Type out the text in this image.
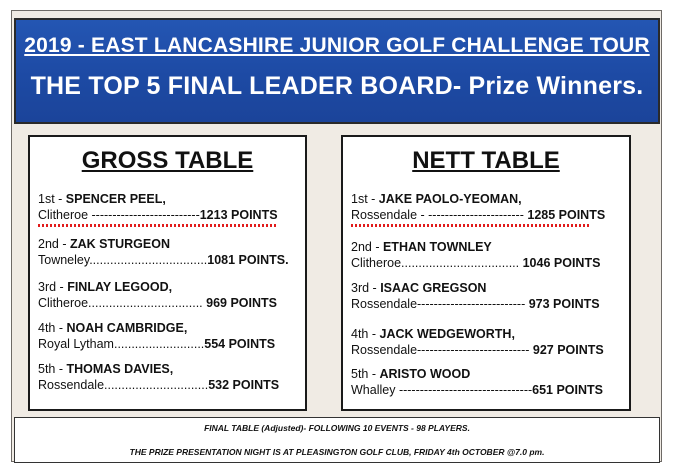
2019 - EAST LANCASHIRE JUNIOR GOLF CHALLENGE TOUR
THE TOP 5 FINAL LEADER BOARD- Prize Winners.
GROSS TABLE
1st - SPENCER PEEL,
Clitheroe --------------------------1213 POINTS
2nd - ZAK STURGEON
Towneley..................................1081 POINTS.
3rd - FINLAY LEGOOD,
Clitheroe................................. 969 POINTS
4th - NOAH CAMBRIDGE,
Royal Lytham..........................554 POINTS
5th - THOMAS DAVIES,
Rossendale..............................532 POINTS
NETT TABLE
1st - JAKE PAOLO-YEOMAN,
Rossendale - ----------------------- 1285 POINTS
2nd - ETHAN TOWNLEY
Clitheroe.................................. 1046 POINTS
3rd - ISAAC GREGSON
Rossendale-------------------------- 973 POINTS
4th - JACK WEDGEWORTH,
Rossendale--------------------------- 927 POINTS
5th - ARISTO WOOD
Whalley --------------------------------651 POINTS
FINAL TABLE (Adjusted)- FOLLOWING 10 EVENTS - 98 PLAYERS.
THE PRIZE PRESENTATION NIGHT IS AT PLEASINGTON GOLF CLUB, FRIDAY 4th OCTOBER @7.0 pm.
